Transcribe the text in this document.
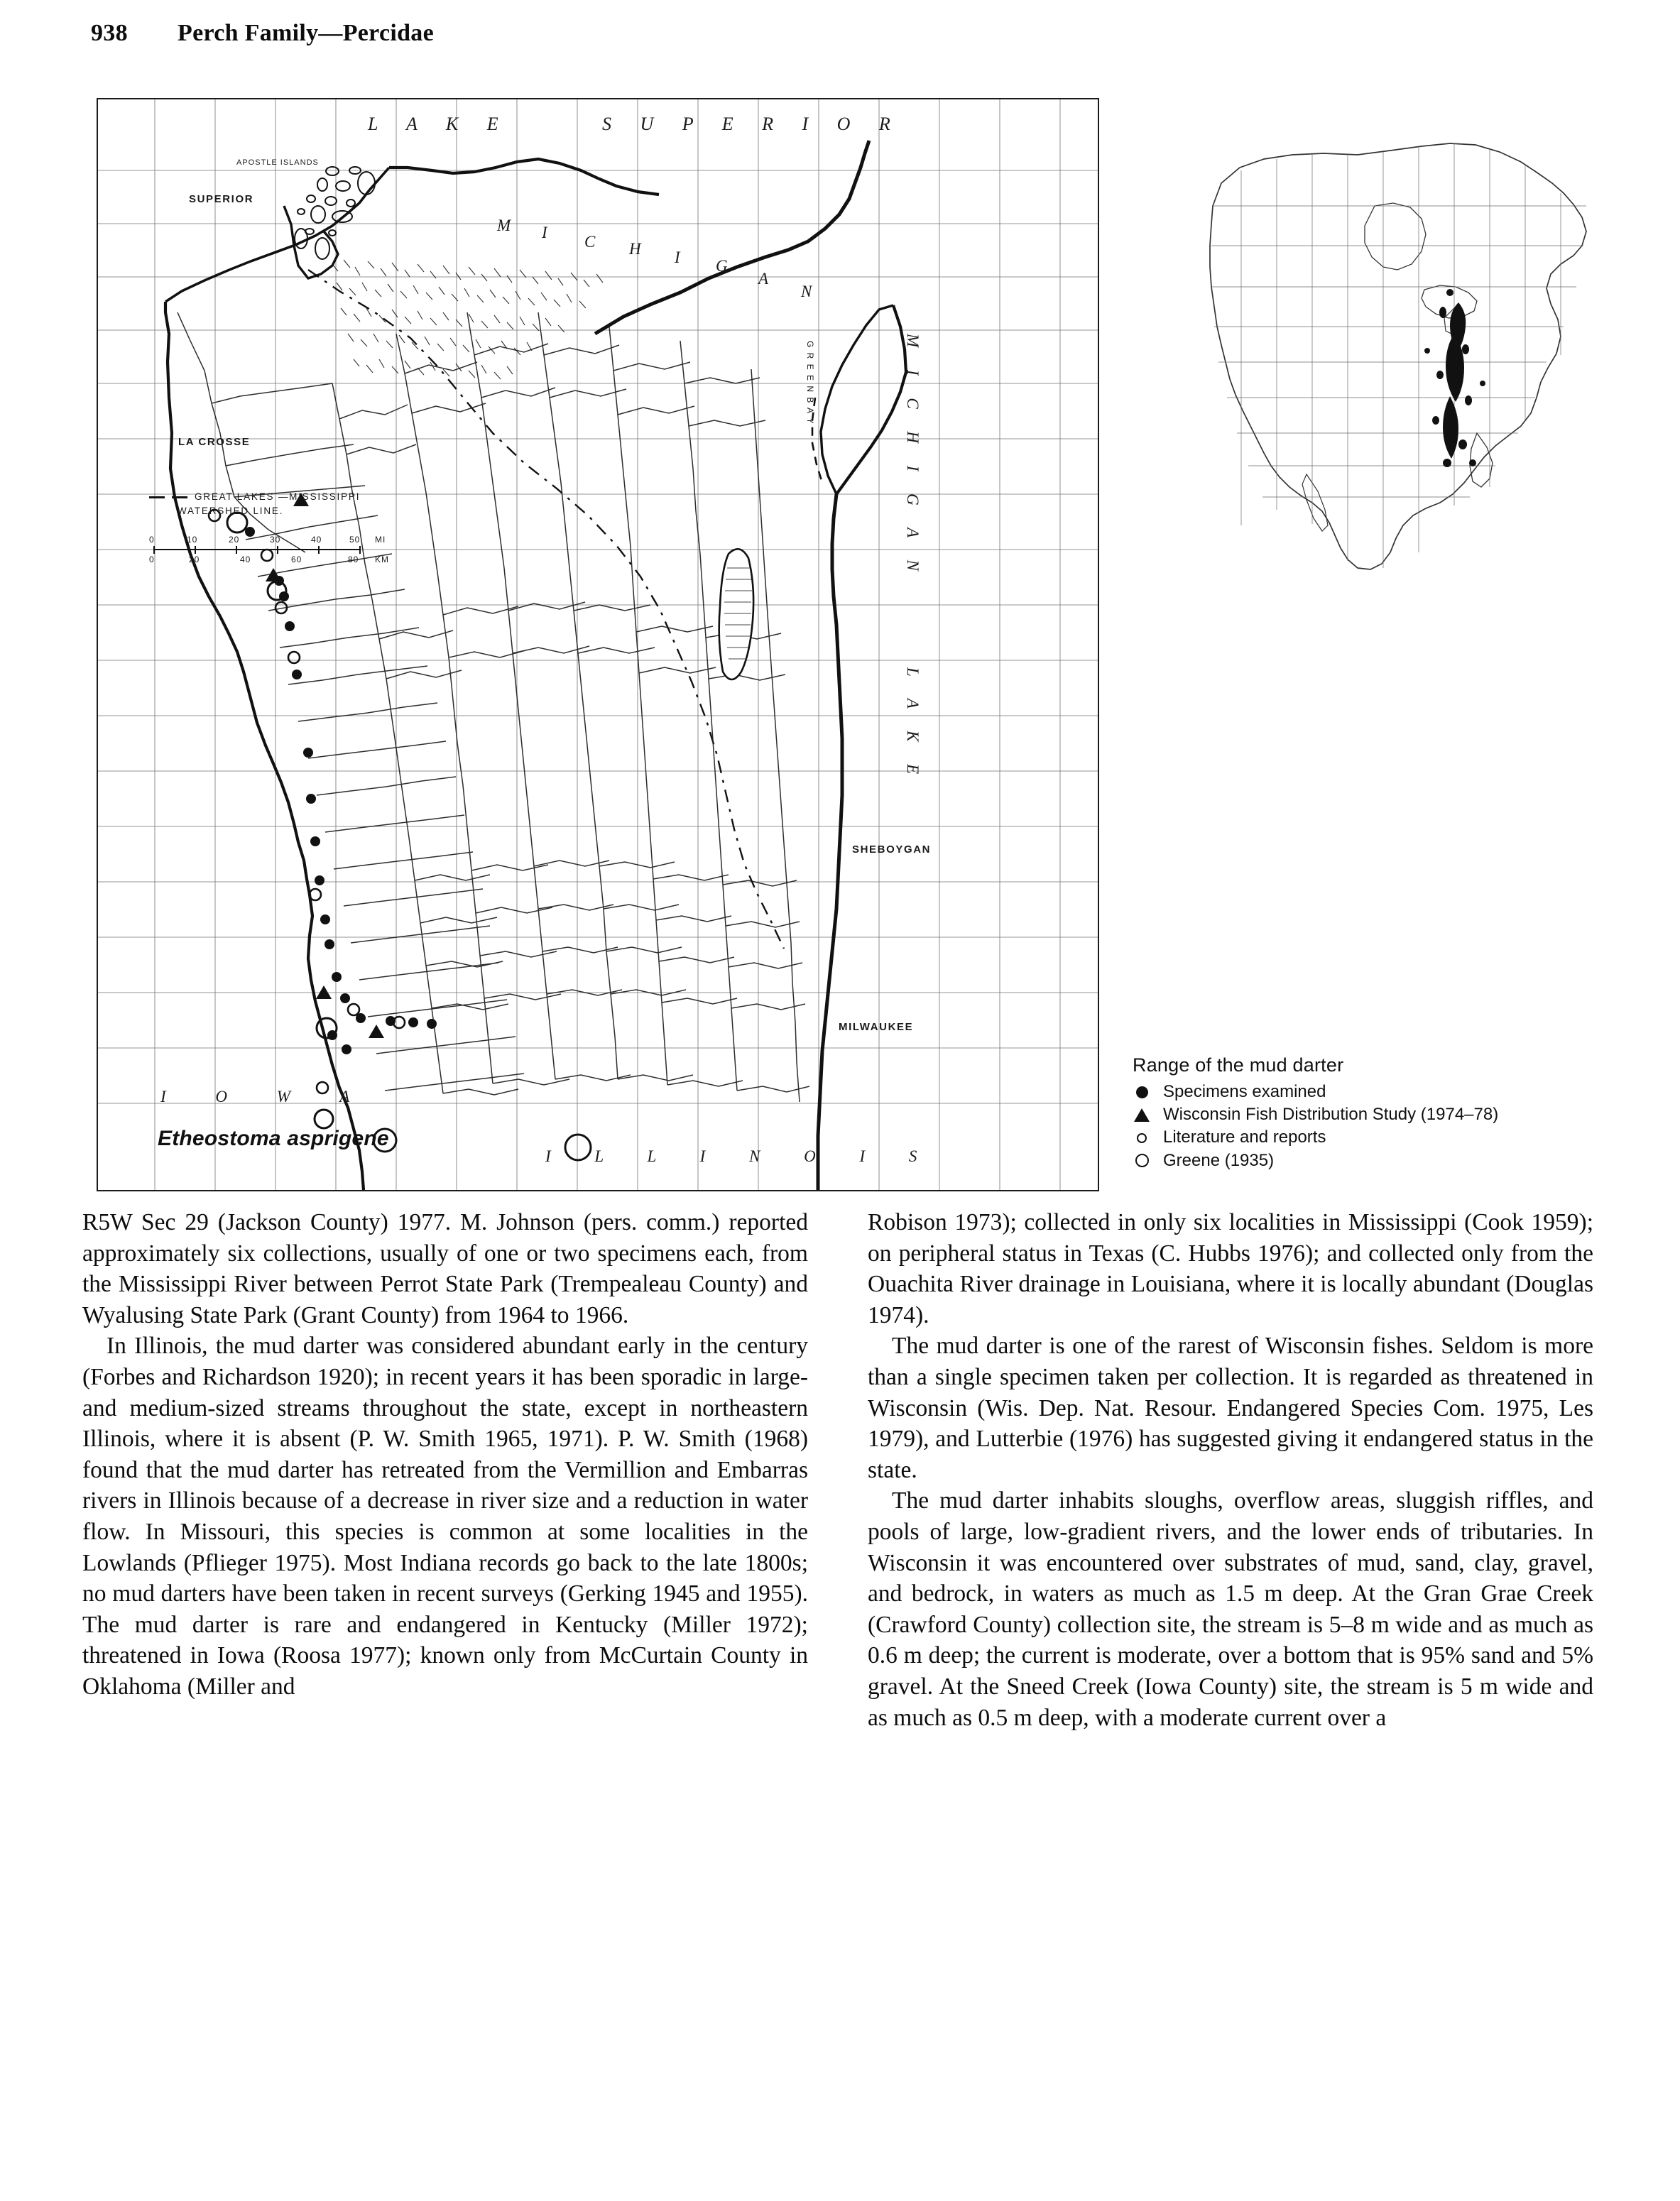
938 Perch Family—Percidae
L A K E	S U P E R I O R
APOSTLE ISLANDS
SUPERIOR
M I
C H I G
A
N
G R E E N B A Y	M I C H I G A N
L A K E
LA CROSSE
SHEBOYGAN
MILWAUKEE
I O W A
I L L I N O I S
GREAT LAKES —MISSISSIPPI
WATERSHED LINE.
0	10	20	30	40	50 MI
0	20	40	60	80 KM
Etheostoma asprigene
Range of the mud darter
Specimens examined
Wisconsin Fish Distribution Study (1974–78)
Literature and reports
Greene (1935)

R5W Sec 29 (Jackson County) 1977. M. Johnson (pers. comm.) reported approximately six collections, usually of one or two specimens each, from the Mississippi River between Perrot State Park (Trempealeau County) and Wyalusing State Park (Grant County) from 1964 to 1966.

In Illinois, the mud darter was considered abundant early in the century (Forbes and Richardson 1920); in recent years it has been sporadic in large- and medium-sized streams throughout the state, except in northeastern Illinois, where it is absent (P. W. Smith 1965, 1971). P. W. Smith (1968) found that the mud darter has retreated from the Vermillion and Embarras rivers in Illinois because of a decrease in river size and a reduction in water flow. In Missouri, this species is common at some localities in the Lowlands (Pflieger 1975). Most Indiana records go back to the late 1800s; no mud darters have been taken in recent surveys (Gerking 1945 and 1955). The mud darter is rare and endangered in Kentucky (Miller 1972); threatened in Iowa (Roosa 1977); known only from McCurtain County in Oklahoma (Miller and

Robison 1973); collected in only six localities in Mississippi (Cook 1959); on peripheral status in Texas (C. Hubbs 1976); and collected only from the Ouachita River drainage in Louisiana, where it is locally abundant (Douglas 1974).

The mud darter is one of the rarest of Wisconsin fishes. Seldom is more than a single specimen taken per collection. It is regarded as threatened in Wisconsin (Wis. Dep. Nat. Resour. Endangered Species Com. 1975, Les 1979), and Lutterbie (1976) has suggested giving it endangered status in the state.

The mud darter inhabits sloughs, overflow areas, sluggish riffles, and pools of large, low-gradient rivers, and the lower ends of tributaries. In Wisconsin it was encountered over substrates of mud, sand, clay, gravel, and bedrock, in waters as much as 1.5 m deep. At the Gran Grae Creek (Crawford County) collection site, the stream is 5–8 m wide and as much as 0.6 m deep; the current is moderate, over a bottom that is 95% sand and 5% gravel. At the Sneed Creek (Iowa County) site, the stream is 5 m wide and as much as 0.5 m deep, with a moderate current over a
